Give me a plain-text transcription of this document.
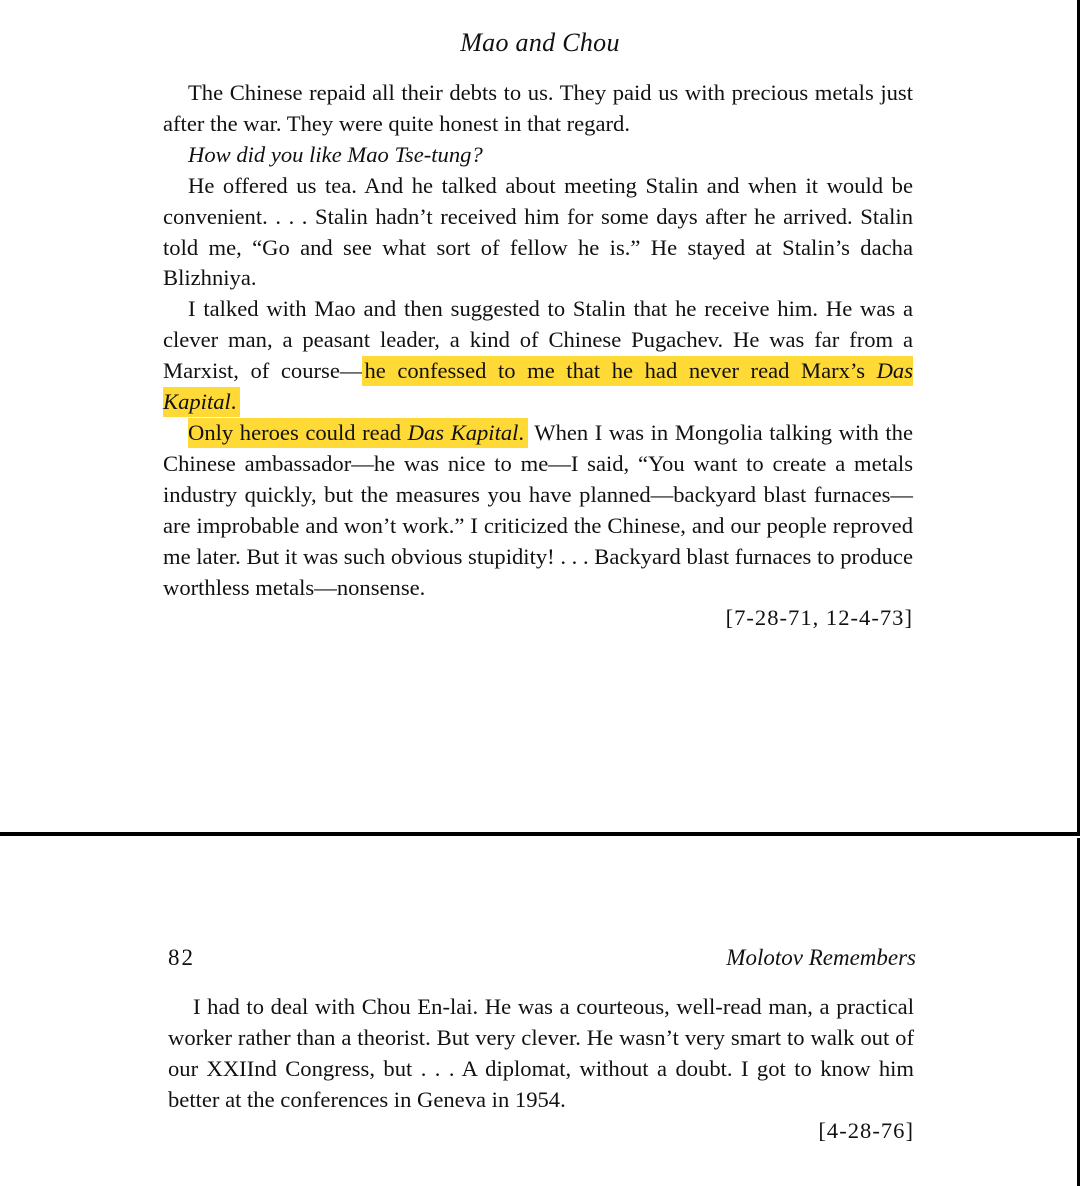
Mao and Chou

The Chinese repaid all their debts to us. They paid us with precious metals just after the war. They were quite honest in that regard.

How did you like Mao Tse-tung?

He offered us tea. And he talked about meeting Stalin and when it would be convenient. . . . Stalin hadn’t received him for some days after he arrived. Stalin told me, “Go and see what sort of fellow he is.” He stayed at Stalin’s dacha Blizhniya.

I talked with Mao and then suggested to Stalin that he receive him. He was a clever man, a peasant leader, a kind of Chinese Pugachev. He was far from a Marxist, of course—he confessed to me that he had never read Marx’s Das Kapital.

Only heroes could read Das Kapital. When I was in Mongolia talking with the Chinese ambassador—he was nice to me—I said, “You want to create a metals industry quickly, but the measures you have planned—backyard blast furnaces—are improbable and won’t work.” I criticized the Chinese, and our people reproved me later. But it was such obvious stupidity! . . . Backyard blast furnaces to produce worthless metals—nonsense.

[7-28-71, 12-4-73]

82	Molotov Remembers

I had to deal with Chou En-lai. He was a courteous, well-read man, a practical worker rather than a theorist. But very clever. He wasn’t very smart to walk out of our XXIInd Congress, but . . . A diplomat, without a doubt. I got to know him better at the conferences in Geneva in 1954.

[4-28-76]
